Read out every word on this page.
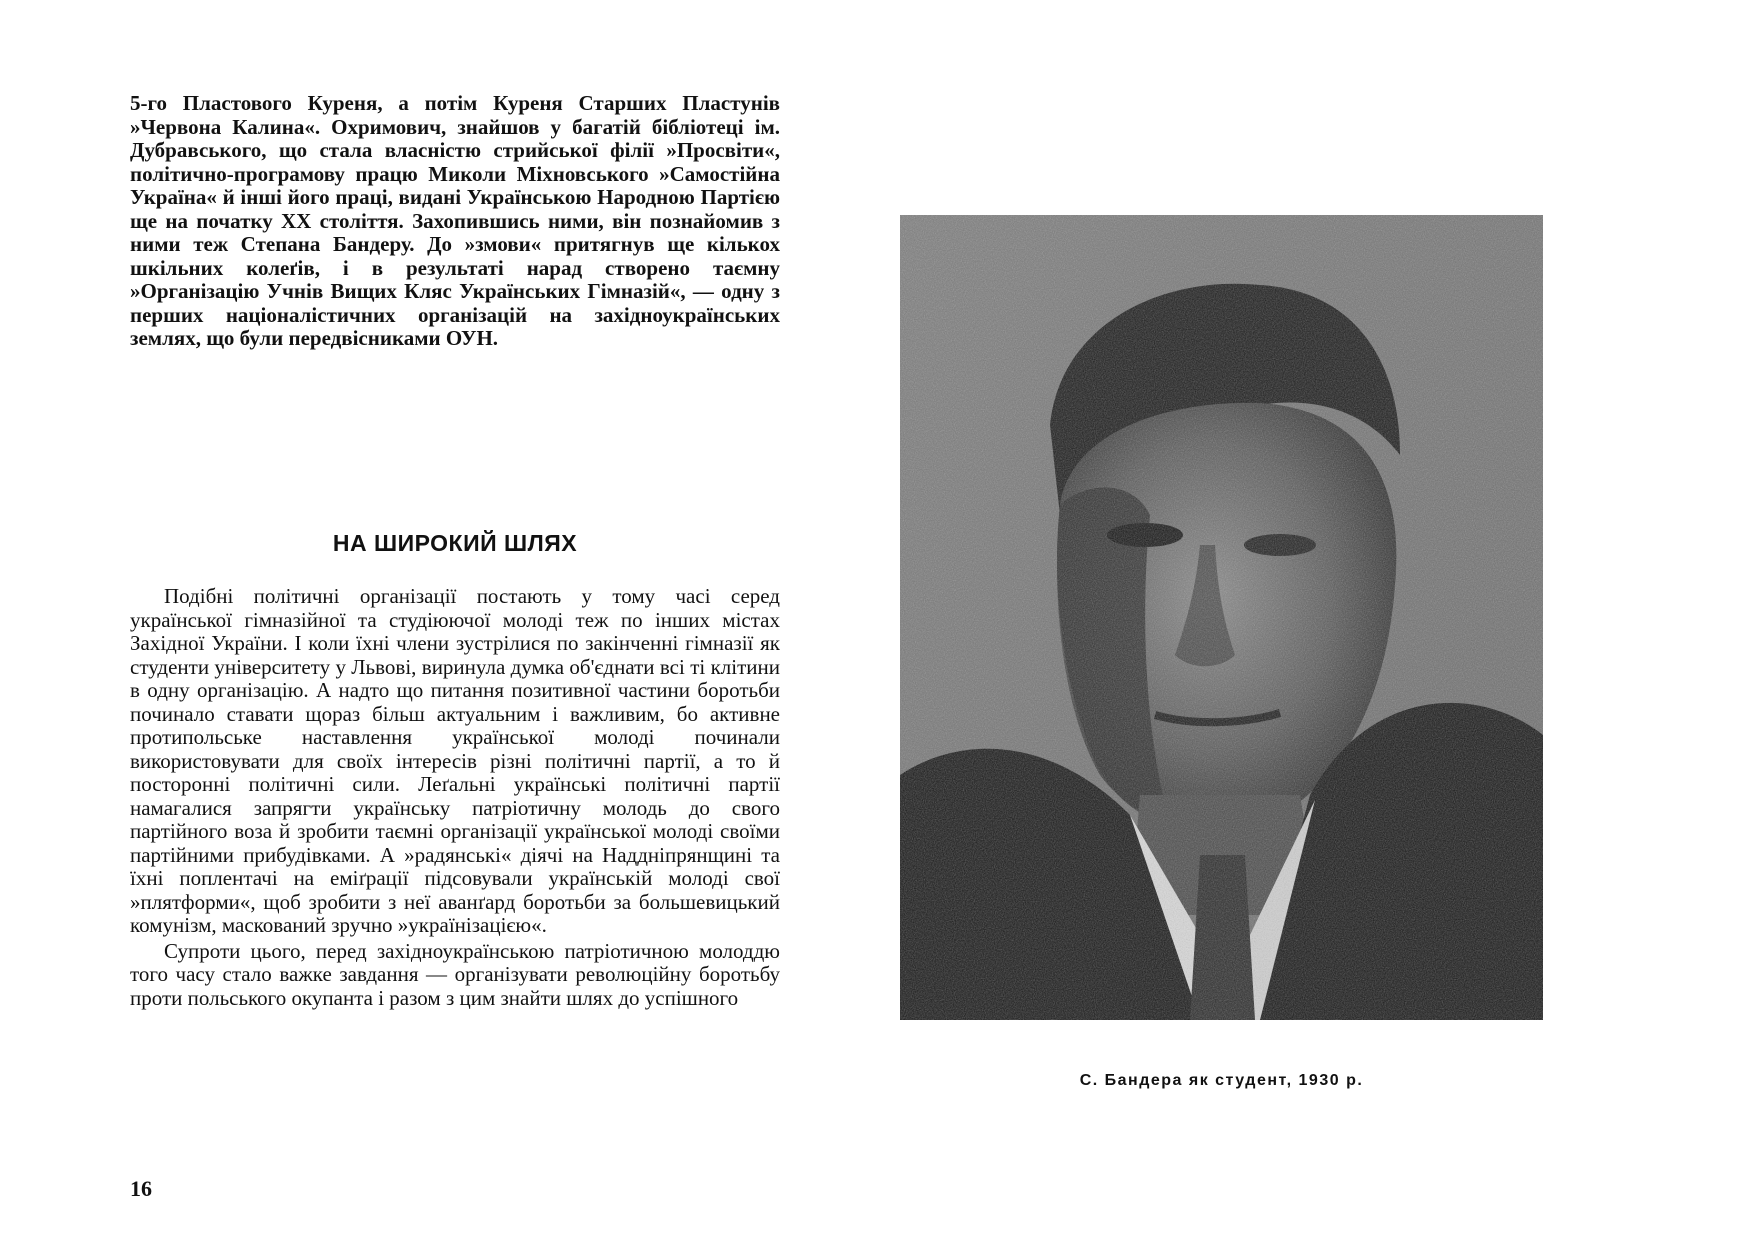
5-го Пластового Куреня, а потім Куреня Старших Пластунів »Червона Калина«. Охримович, знайшов у багатій бібліотеці ім. Дубравського, що стала власністю стрийської філії »Просвіти«, політично-програмову працю Миколи Міхновського »Самостійна Україна« й інші його праці, видані Українською Народною Партією ще на початку XX століття. Захопившись ними, він познайомив з ними теж Степана Бандеру. До »змови« притягнув ще кількох шкільних колеґів, і в результаті нарад створено таємну »Організацію Учнів Вищих Кляс Українських Гімназій«, — одну з перших націоналістичних організацій на західноукраїнських землях, що були передвісниками ОУН.

НА ШИРОКИЙ ШЛЯХ

Подібні політичні організації постають у тому часі серед української гімназійної та студіюючої молоді теж по інших містах Західної України. І коли їхні члени зустрілися по закінченні гімназії як студенти університету у Львові, виринула думка об'єднати всі ті клітини в одну організацію. А надто що питання позитивної частини боротьби починало ставати щораз більш актуальним і важливим, бо активне протипольське наставлення української молоді починали використовувати для своїх інтересів різні політичні партії, а то й посторонні політичні сили. Леґальні українські політичні партії намагалися запрягти українську патріотичну молодь до свого партійного воза й зробити таємні організації української молоді своїми партійними прибудівками. А »радянські« діячі на Наддніпрянщині та їхні поплентачі на еміґрації підсовували українській молоді свої »плятформи«, щоб зробити з неї аванґард боротьби за большевицький комунізм, маскований зручно »українізацією«.

Супроти цього, перед західноукраїнською патріотичною молоддю того часу стало важке завдання — організувати революційну боротьбу проти польського окупанта і разом з цим знайти шлях до успішного

16

С. Бандера як студент, 1930 р.
